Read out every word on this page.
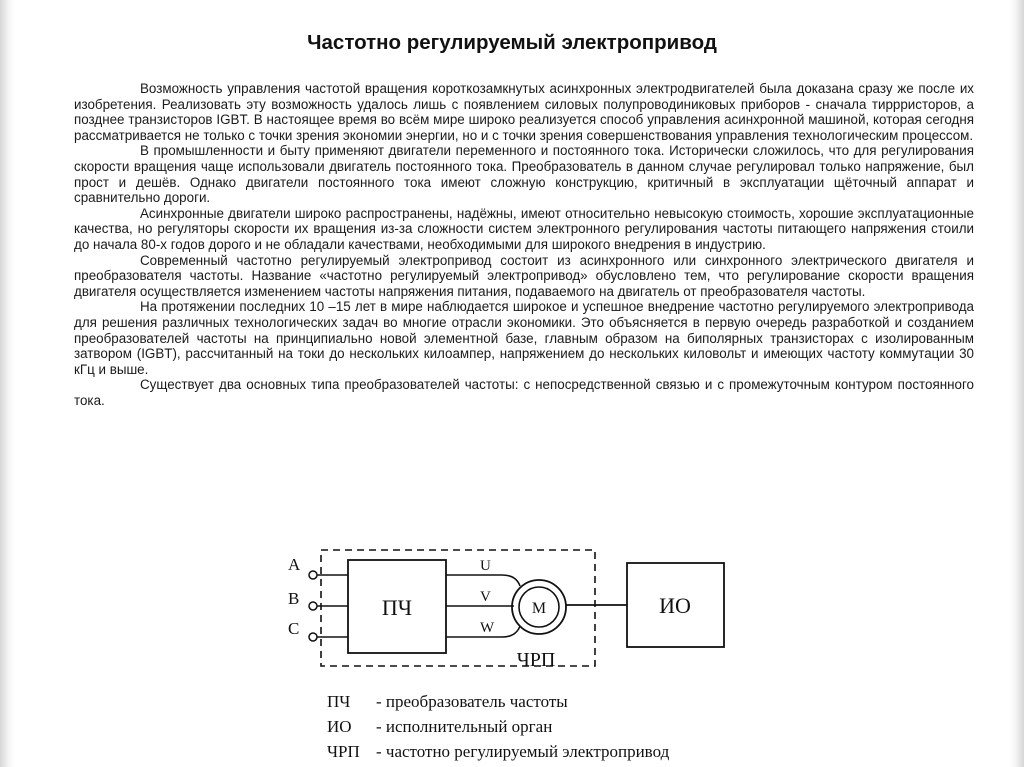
Частотно регулируемый электропривод

Возможность управления частотой вращения короткозамкнутых асинхронных электродвигателей была доказана сразу же после их изобретения. Реализовать эту возможность удалось лишь с появлением силовых полупроводиниковых приборов - сначала тиррристоров, а позднее транзисторов IGBT. В настоящее время во всём мире широко реализуется способ управления асинхронной машиной, которая сегодня рассматривается не только с точки зрения экономии энергии, но и с точки зрения совершенствования управления технологическим процессом.

В промышленности и быту применяют двигатели переменного и постоянного тока. Исторически сложилось, что для регулирования скорости вращения чаще использовали двигатель постоянного тока. Преобразователь в данном случае регулировал только напряжение, был прост и дешёв. Однако двигатели постоянного тока имеют сложную конструкцию, критичный в эксплуатации щёточный аппарат и сравнительно дороги.

Асинхронные двигатели широко распространены, надёжны, имеют относительно невысокую стоимость, хорошие эксплуатационные качества, но регуляторы скорости их вращения из-за сложности систем электронного регулирования частоты питающего напряжения стоили до начала 80-х годов дорого и не обладали качествами, необходимыми для широкого внедрения в индустрию.

Современный частотно регулируемый электропривод состоит из асинхронного или синхронного электрического двигателя и преобразователя частоты. Название «частотно регулируемый электропривод» обусловлено тем, что регулирование скорости вращения двигателя осуществляется изменением частоты напряжения питания, подаваемого на двигатель от преобразователя частоты.

На протяжении последних 10 –15 лет в мире наблюдается широкое и успешное внедрение частотно регулируемого электропривода для решения различных технологических задач во многие отрасли экономики. Это объясняется в первую очередь разработкой и созданием преобразователей частоты на принципиально новой элементной базе, главным образом на биполярных транзисторах с изолированным затвором (IGBT), рассчитанный на токи до нескольких килоампер, напряжением до нескольких киловольт и имеющих частоту коммутации 30 кГц и выше.

Существует два основных типа преобразователей частоты: с непосредственной связью и с промежуточным контуром постоянного тока.

A
B
C
ПЧ
U
V
W
M	ИО
ЧРП
ПЧ - преобразователь частоты
ИО - исполнительный орган
ЧРП - частотно регулируемый электропривод
